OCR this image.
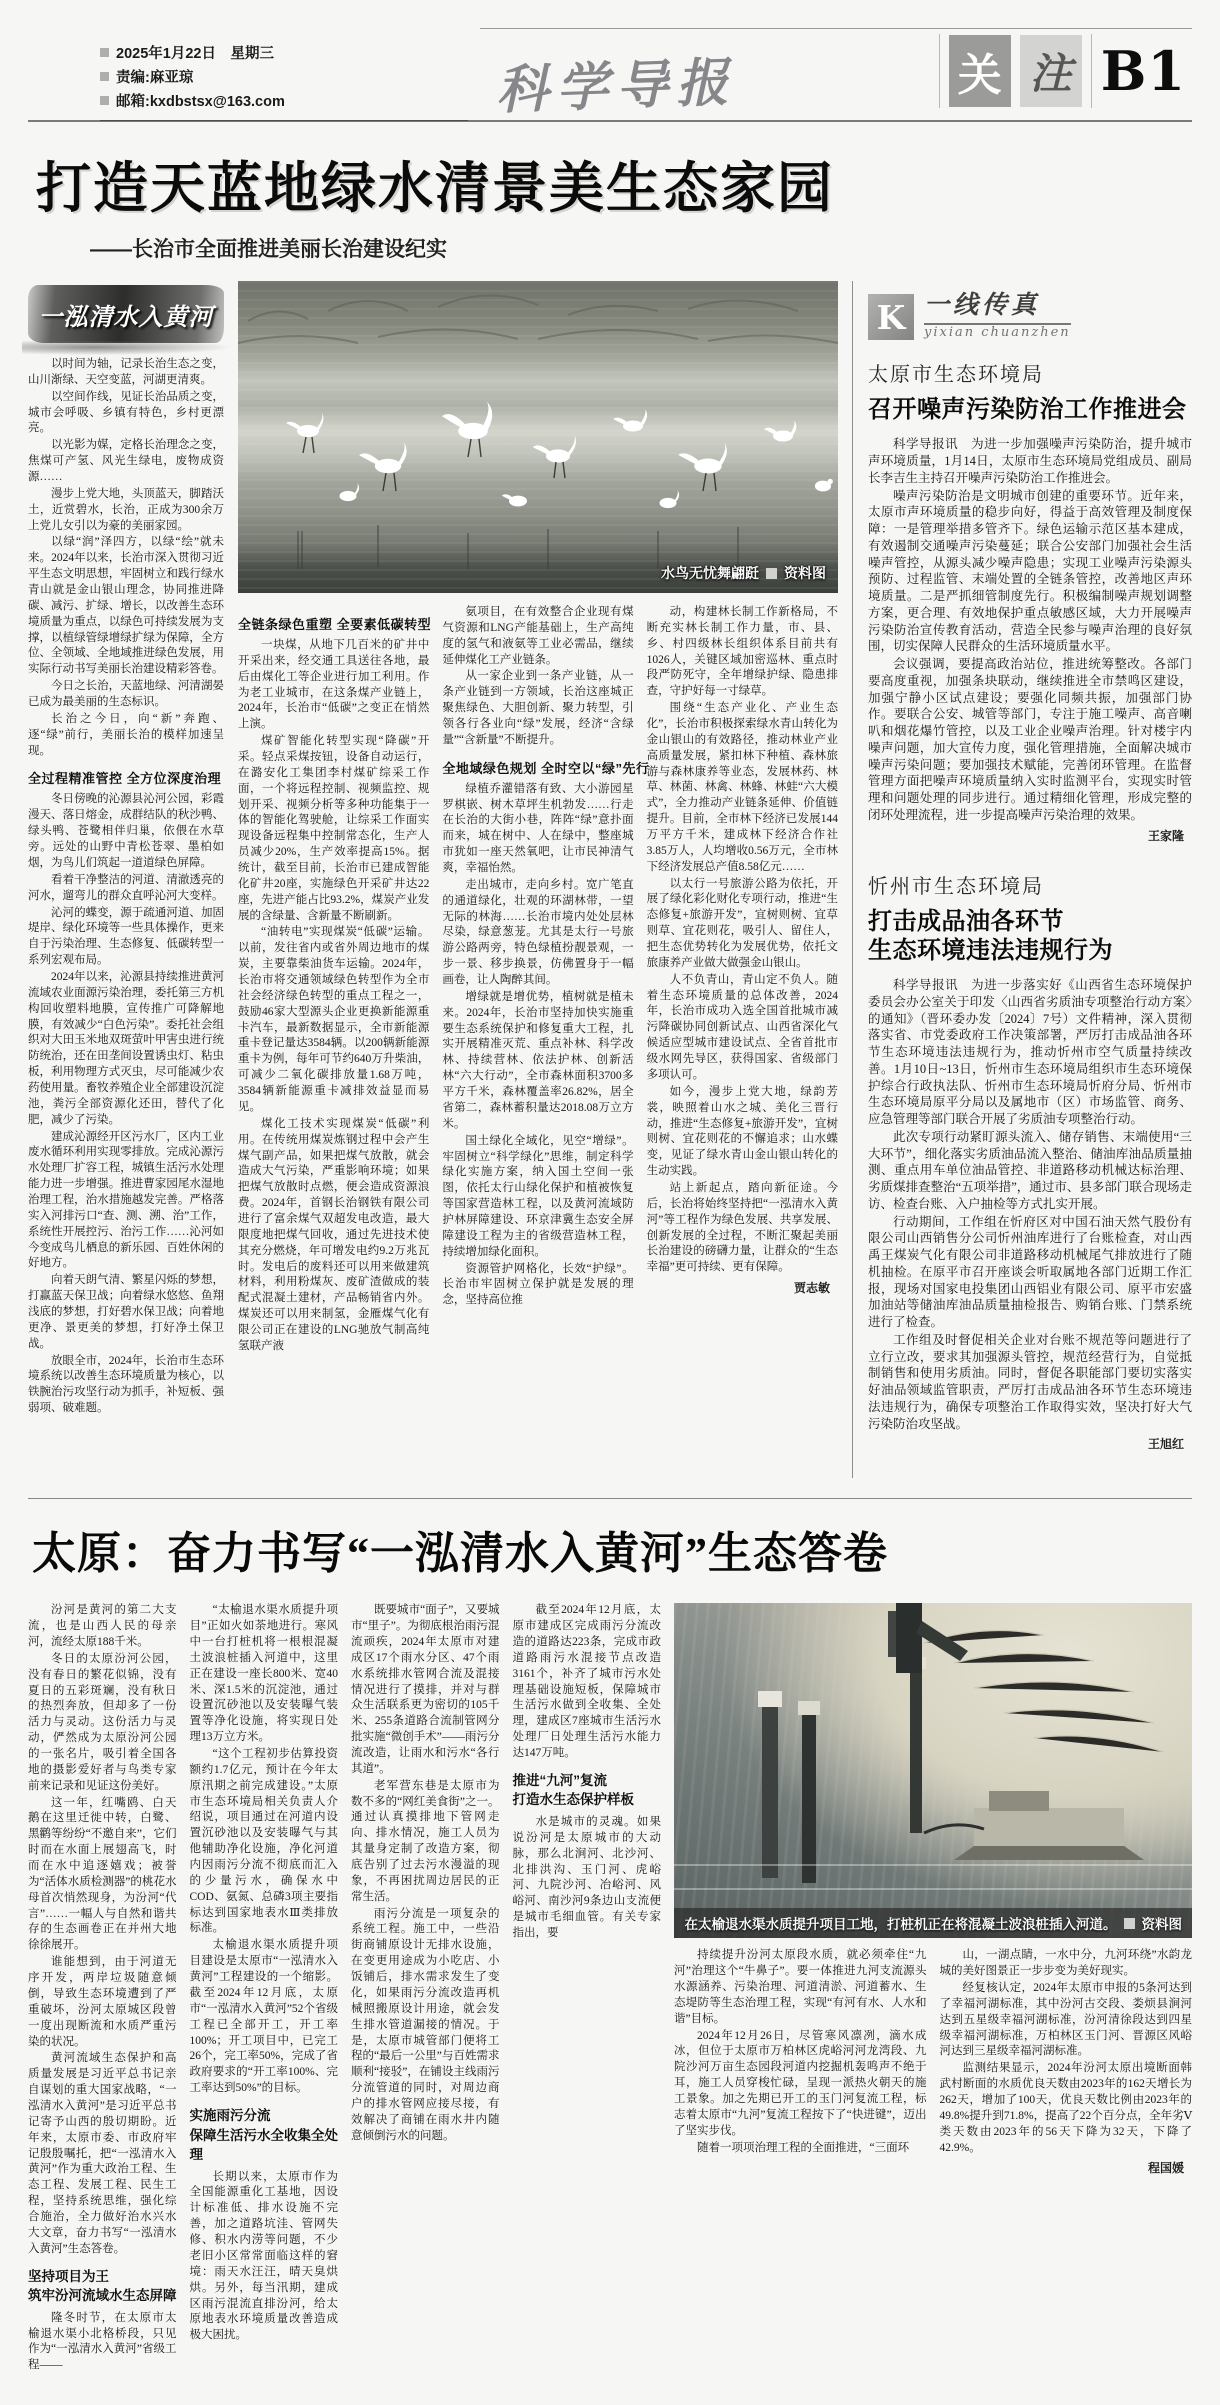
2025年1月22日　星期三
责编:麻亚琼
邮箱:kxdbstsx@163.com	科学导报	关 注 B1
打造天蓝地绿水清景美生态家园
——长治市全面推进美丽长治建设纪实
一泓清水入黄河

以时间为轴，记录长治生态之变，山川渐绿、天空变蓝，河湖更清爽。

以空间作线，见证长治品质之变，城市会呼吸、乡镇有特色，乡村更漂亮。

以光影为媒，定格长治理念之变，焦煤可产氢、风光生绿电，废物成资源……

漫步上党大地，头顶蓝天，脚踏沃土，近赏碧水，长治，正成为300余万上党儿女引以为豪的美丽家园。

以绿“润”泽四方，以绿“绘”就未来。2024年以来，长治市深入贯彻习近平生态文明思想，牢固树立和践行绿水青山就是金山银山理念，协同推进降碳、减污、扩绿、增长，以改善生态环境质量为重点，以绿色可持续发展为支撑，以植绿管绿增绿扩绿为保障，全方位、全领域、全地域推进绿色发展，用实际行动书写美丽长治建设精彩答卷。

今日之长治，天蓝地绿、河清湖晏已成为最美丽的生态标识。

长治之今日，向“新”奔跑、逐“绿”前行，美丽长治的模样加速呈现。

全过程精准管控 全方位深度治理

冬日傍晚的沁源县沁河公园，彩霞漫天、落日熔金，成群结队的秋沙鸭、绿头鸭、苍鹭相伴归巢，依偎在水草旁。远处的山野中青松苍翠、墨柏如烟，为鸟儿们筑起一道道绿色屏障。

看着干净整洁的河道、清澈透亮的河水，遛弯儿的群众直呼沁河大变样。

沁河的蝶变，源于疏通河道、加固堤岸、绿化环境等一些具体操作，更来自于污染治理、生态修复、低碳转型一系列宏观布局。

2024年以来，沁源县持续推进黄河流域农业面源污染治理，委托第三方机构回收塑料地膜，宣传推广可降解地膜，有效减少“白色污染”。委托社会组织对大田玉米地双斑萤叶甲害虫进行统防统治，还在田垄间设置诱虫灯、粘虫板，利用物理方式灭虫，尽可能减少农药使用量。畜牧养殖企业全部建设沉淀池，粪污全部资源化还田，替代了化肥，减少了污染。

建成沁源经开区污水厂，区内工业废水循环利用实现零排放。完成沁源污水处理厂扩容工程，城镇生活污水处理能力进一步增强。推进曹家园尾水湿地治理工程，治水措施越发完善。严格落实入河排污口“查、测、溯、治”工作，系统性开展控污、治污工作……沁河如今变成鸟儿栖息的新乐园、百姓休闲的好地方。

向着天朗气清、繁星闪烁的梦想，打赢蓝天保卫战；向着绿水悠悠、鱼翔浅底的梦想，打好碧水保卫战；向着地更净、景更美的梦想，打好净土保卫战。

放眼全市，2024年，长治市生态环境系统以改善生态环境质量为核心，以铁腕治污攻坚行动为抓手，补短板、强弱项、破难题。

水鸟无忧舞翩跹 资料图
全链条绿色重塑 全要素低碳转型

一块煤，从地下几百米的矿井中开采出来，经交通工具送往各地，最后由煤化工等企业进行加工利用。作为老工业城市，在这条煤产业链上，2024年，长治市“低碳”之变正在悄然上演。

煤矿智能化转型实现“降碳”开采。轻点采煤按钮，设备自动运行，在潞安化工集团李村煤矿综采工作面，一个将远程控制、视频监控、规划开采、视频分析等多种功能集于一体的智能化驾驶舱，让综采工作面实现设备远程集中控制常态化，生产人员减少20%，生产效率提高15%。据统计，截至目前，长治市已建成智能化矿井20座，实施绿色开采矿井达22座，先进产能占比93.2%，煤炭产业发展的含绿量、含新量不断刷新。

“油转电”实现煤炭“低碳”运输。以前，发往省内或省外周边地市的煤炭，主要靠柴油货车运输。2024年，长治市将交通领域绿色转型作为全市社会经济绿色转型的重点工程之一，鼓励46家大型源头企业更换新能源重卡汽车，最新数据显示，全市新能源重卡登记量达3584辆。以200辆新能源重卡为例，每年可节约640万升柴油，可减少二氧化碳排放量1.68万吨，3584辆新能源重卡减排效益显而易见。

煤化工技术实现煤炭“低碳”利用。在传统用煤炭炼钢过程中会产生煤气副产品，如果把煤气放散，就会造成大气污染，严重影响环境；如果把煤气放散时点燃，便会造成资源浪费。2024年，首钢长治钢铁有限公司进行了富余煤气双超发电改造，最大限度地把煤气回收，通过先进技术使其充分燃烧，年可增发电约9.2万兆瓦时。发电后的废料还可以用来做建筑材料，利用粉煤灰、废矿渣做成的装配式混凝土建材，产品畅销省内外。煤炭还可以用来制氢，金雁煤气化有限公司正在建设的LNG驰放气制高纯氢联产液

氨项目，在有效整合企业现有煤气资源和LNG产能基础上，生产高纯度的氢气和液氨等工业必需品，继续延伸煤化工产业链条。

从一家企业到一条产业链，从一条产业链到一方领域，长治这座城正聚焦绿色、大胆创新、聚力转型，引领各行各业向“绿”发展，经济“含绿量”“含新量”不断提升。

全地域绿色规划 全时空以“绿”先行

绿植乔灌错落有致、大小游园星罗棋嵌、树木草坪生机勃发……行走在长治的大街小巷，阵阵“绿”意扑面而来，城在树中、人在绿中，整座城市犹如一座天然氧吧，让市民神清气爽，幸福怡然。

走出城市，走向乡村。宽广笔直的通道绿化，壮观的环湖林带，一望无际的林海……长治市境内处处层林尽染，绿意葱茏。尤其是太行一号旅游公路两旁，特色绿植扮靓景观，一步一景、移步换景，仿佛置身于一幅画卷，让人陶醉其间。

增绿就是增优势，植树就是植未来。2024年，长治市坚持加快实施重要生态系统保护和修复重大工程，扎实开展精准灭荒、重点补林、科学改林、持续营林、依法护林、创新活林“六大行动”，全市森林面积3700多平方千米，森林覆盖率26.82%，居全省第二，森林蓄积量达2018.08万立方米。

国土绿化全域化，见空“增绿”。牢固树立“科学绿化”思维，制定科学绿化实施方案，纳入国土空间一张图，依托太行山绿化保护和植被恢复等国家营造林工程，以及黄河流域防护林屏障建设、环京津冀生态安全屏障建设工程为主的省级营造林工程，持续增加绿化面积。

资源管护网格化，长效“护绿”。长治市牢固树立保护就是发展的理念，坚持高位推

动，构建林长制工作新格局，不断充实林长制工作力量，市、县、乡、村四级林长组织体系目前共有1026人，关键区域加密巡林、重点时段严防死守，全年增绿护绿、隐患排查，守护好每一寸绿草。

围绕“生态产业化、产业生态化”，长治市积极探索绿水青山转化为金山银山的有效路径，推动林业产业高质量发展，紧扣林下种植、森林旅游与森林康养等业态，发展林药、林草、林菌、林禽、林蜂、林蛙“六大模式”，全力推动产业链条延伸、价值链提升。目前，全市林下经济已发展144万平方千米，建成林下经济合作社3.85万人，人均增收0.56万元，全市林下经济发展总产值8.58亿元……

以太行一号旅游公路为依托，开展了绿化彩化财化专项行动，推进“生态修复+旅游开发”，宜树则树、宜草则草、宜花则花，吸引人、留住人，把生态优势转化为发展优势，依托文旅康养产业做大做强金山银山。

人不负青山，青山定不负人。随着生态环境质量的总体改善，2024年，长治市成功入选全国首批城市减污降碳协同创新试点、山西省深化气候适应型城市建设试点、全省首批市级水网先导区，获得国家、省级部门多项认可。

如今，漫步上党大地，绿韵芳裳，映照着山水之城、美化三晋行动，推进“生态修复+旅游开发”，宜树则树、宜花则花的不懈追求；山水蝶变，见证了绿水青山金山银山转化的生动实践。

站上新起点，踏向新征途。今后，长治将始终坚持把“一泓清水入黄河”等工程作为绿色发展、共享发展、创新发展的全过程，不断汇聚起美丽长治建设的磅礴力量，让群众的“生态幸福”更可持续、更有保障。

贾志敏
K 一线传真
yixian chuanzhen
太原市生态环境局
召开噪声污染防治工作推进会

科学导报讯　为进一步加强噪声污染防治，提升城市声环境质量，1月14日，太原市生态环境局党组成员、副局长李吉生主持召开噪声污染防治工作推进会。

噪声污染防治是文明城市创建的重要环节。近年来，太原市声环境质量的稳步向好，得益于高效管理及制度保障：一是管理举措多管齐下。绿色运输示范区基本建成，有效遏制交通噪声污染蔓延；联合公安部门加强社会生活噪声管控，从源头减少噪声隐患；实现工业噪声污染源头预防、过程监管、末端处置的全链条管控，改善地区声环境质量。二是严抓细管制度先行。积极编制噪声规划调整方案，更合理、有效地保护重点敏感区域，大力开展噪声污染防治宣传教育活动，营造全民参与噪声治理的良好氛围，切实保障人民群众的生活环境质量水平。

会议强调，要提高政治站位，推进统筹整改。各部门要高度重视，加强条块联动，继续推进全市禁鸣区建设，加强宁静小区试点建设；要强化同频共振，加强部门协作。要联合公安、城管等部门，专注于施工噪声、高音喇叭和烟花爆竹管控，以及工业企业噪声治理。针对楼宇内噪声问题，加大宣传力度，强化管理措施，全面解决城市噪声污染问题；要加强技术赋能，完善闭环管理。在监督管理方面把噪声环境质量纳入实时监测平台，实现实时管理和问题处理的同步进行。通过精细化管理，形成完整的闭环处理流程，进一步提高噪声污染治理的效果。

王家隆
忻州市生态环境局
打击成品油各环节
生态环境违法违规行为

科学导报讯　为进一步落实好《山西省生态环境保护委员会办公室关于印发〈山西省劣质油专项整治行动方案〉的通知》（晋环委办发〔2024〕7号）文件精神，深入贯彻落实省、市党委政府工作决策部署，严厉打击成品油各环节生态环境违法违规行为，推动忻州市空气质量持续改善。1月10日~13日，忻州市生态环境局组织市生态环境保护综合行政执法队、忻州市生态环境局忻府分局、忻州市生态环境局原平分局以及属地市（区）市场监管、商务、应急管理等部门联合开展了劣质油专项整治行动。

此次专项行动紧盯源头流入、储存销售、末端使用“三大环节”，细化落实劣质油品流入整治、储油库油品质量抽测、重点用车单位油品管控、非道路移动机械达标治理、劣质煤排查整治“五项举措”，通过市、县多部门联合现场走访、检查台账、入户抽检等方式扎实开展。

行动期间，工作组在忻府区对中国石油天然气股份有限公司山西销售分公司忻州油库进行了台账检查，对山西禹王煤炭气化有限公司非道路移动机械尾气排放进行了随机抽检。在原平市召开座谈会听取属地各部门近期工作汇报，现场对国家电投集团山西铝业有限公司、原平市宏盛加油站等储油库油品质量抽检报告、购销台账、门禁系统进行了检查。

工作组及时督促相关企业对台账不规范等问题进行了立行立改，要求其加强源头管控，规范经营行为，自觉抵制销售和使用劣质油。同时，督促各职能部门要切实落实好油品领域监管职责，严厉打击成品油各环节生态环境违法违规行为，确保专项整治工作取得实效，坚决打好大气污染防治攻坚战。

王旭红
太原：奋力书写“一泓清水入黄河”生态答卷

汾河是黄河的第二大支流，也是山西人民的母亲河，流经太原188千米。

冬日的太原汾河公园，没有春日的繁花似锦，没有夏日的五彩斑斓，没有秋日的热烈奔放，但却多了一份活力与灵动。这份活力与灵动，俨然成为太原汾河公园的一张名片，吸引着全国各地的摄影爱好者与鸟类专家前来记录和见证这份美好。

这一年，红嘴鸥、白天鹅在这里迁徙中转，白鹭、黑鹳等纷纷“不邀自来”，它们时而在水面上展翅高飞，时而在水中追逐嬉戏；被誉为“活体水质检测器”的桃花水母首次悄然现身，为汾河“代言”……一幅人与自然和谐共存的生态画卷正在并州大地徐徐展开。

谁能想到，由于河道无序开发，两岸垃圾随意倾倒，导致生态环境遭到了严重破坏，汾河太原城区段曾一度出现断流和水质严重污染的状况。

黄河流域生态保护和高质量发展是习近平总书记亲自谋划的重大国家战略，“一泓清水入黄河”是习近平总书记寄予山西的殷切期盼。近年来，太原市委、市政府牢记殷殷嘱托，把“一泓清水入黄河”作为重大政治工程、生态工程、发展工程、民生工程，坚持系统思维，强化综合施治，全力做好治水兴水大文章，奋力书写“一泓清水入黄河”生态答卷。

坚持项目为王
筑牢汾河流域水生态屏障

隆冬时节，在太原市太榆退水渠小北格桥段，只见作为“一泓清水入黄河”省级工程——

“太榆退水渠水质提升项目”正如火如荼地进行。寒风中一台打桩机将一根根混凝土波浪桩插入河道中，这里正在建设一座长800米、宽40米、深1.5米的沉淀池，通过设置沉砂池以及安装曝气装置等净化设施，将实现日处理13万立方米。

“这个工程初步估算投资额约1.7亿元，预计在今年太原汛期之前完成建设。”太原市生态环境局相关负责人介绍说，项目通过在河道内设置沉砂池以及安装曝气与其他辅助净化设施，净化河道内因雨污分流不彻底而汇入的少量污水，确保水中COD、氨氮、总磷3项主要指标达到国家地表水Ⅲ类排放标准。

太榆退水渠水质提升项目建设是太原市“一泓清水入黄河”工程建设的一个缩影。截至2024年12月底，太原市“一泓清水入黄河”52个省级工程已全部开工，开工率100%；开工项目中，已完工26个，完工率50%，完成了省政府要求的“开工率100%、完工率达到50%”的目标。

实施雨污分流
保障生活污水全收集全处理

长期以来，太原市作为全国能源重化工基地，因设计标准低、排水设施不完善，加之道路坑洼、管网失修、积水内涝等问题，不少老旧小区常常面临这样的窘境：雨天水汪汪，晴天臭烘烘。另外，每当汛期，建成区雨污混流直排汾河，给太原地表水环境质量改善造成极大困扰。

既要城市“面子”，又要城市“里子”。为彻底根治雨污混流顽疾，2024年太原市对建成区17个雨水分区、47个雨水系统排水管网合流及混接情况进行了摸排，并对与群众生活联系更为密切的105千米、255条道路合流制管网分批实施“微创手术”——雨污分流改造，让雨水和污水“各行其道”。

老军营东巷是太原市为数不多的“网红美食街”之一。通过认真摸排地下管网走向、排水情况，施工人员为其量身定制了改造方案，彻底告别了过去污水漫溢的现象，不再困扰周边居民的正常生活。

雨污分流是一项复杂的系统工程。施工中，一些沿街商铺原设计无排水设施，在变更用途成为小吃店、小饭铺后，排水需求发生了变化，如果雨污分流改造再机械照搬原设计用途，就会发生排水管道漏接的情况。于是，太原市城管部门便将工程的“最后一公里”与百姓需求顺利“接驳”，在铺设主线雨污分流管道的同时，对周边商户的排水管网应接尽接，有效解决了商铺在雨水井内随意倾倒污水的问题。

截至2024年12月底，太原市建成区完成雨污分流改造的道路达223条，完成市政道路雨污水混接节点改造3161个，补齐了城市污水处理基础设施短板，保障城市生活污水做到全收集、全处理，建成区7座城市生活污水处理厂日处理生活污水能力达147万吨。

推进“九河”复流
打造水生态保护样板

水是城市的灵魂。如果说汾河是太原城市的大动脉，那么北涧河、北沙河、北排洪沟、玉门河、虎峪河、九院沙河、冶峪河、风峪河、南沙河9条边山支流便是城市毛细血管。有关专家指出，要

在太榆退水渠水质提升项目工地，打桩机正在将混凝土波浪桩插入河道。 资料图

持续提升汾河太原段水质，就必须牵住“九河”治理这个“牛鼻子”。要一体推进九河支流源头水源涵养、污染治理、河道清淤、河道蓄水、生态堤防等生态治理工程，实现“有河有水、人水和谐”目标。

2024年12月26日，尽管寒风凛冽，滴水成冰，但位于太原市万柏林区虎峪河河龙湾段、九院沙河万亩生态园段河道内挖掘机轰鸣声不绝于耳，施工人员穿梭忙碌，呈现一派热火朝天的施工景象。加之先期已开工的玉门河复流工程，标志着太原市“九河”复流工程按下了“快进键”，迈出了坚实步伐。

随着一项项治理工程的全面推进，“三面环

山，一湖点睛，一水中分，九河环绕”水韵龙城的美好图景正一步步变为美好现实。

经复核认定，2024年太原市申报的5条河达到了幸福河湖标准，其中汾河古交段、娄烦县涧河达到五星级幸福河湖标准，汾河清徐段达到四星级幸福河湖标准，万柏林区玉门河、晋源区风峪河达到三星级幸福河湖标准。

监测结果显示，2024年汾河太原出境断面韩武村断面的水质优良天数由2023年的162天增长为262天，增加了100天，优良天数比例由2023年的49.8%提升到71.8%，提高了22个百分点，全年劣Ⅴ类天数由2023年的56天下降为32天，下降了42.9%。

程国媛
